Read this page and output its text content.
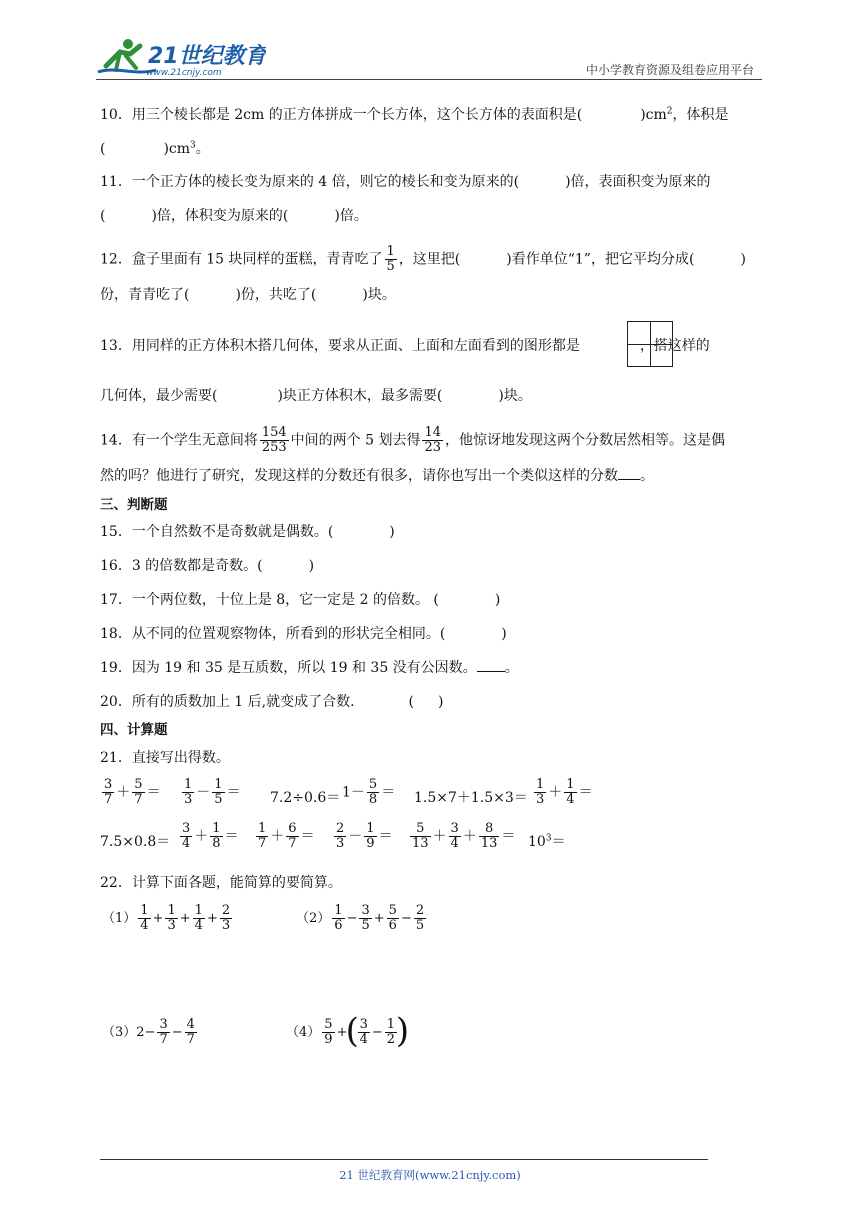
21世纪教育
www.21cnjy.com	中小学教育资源及组卷应用平台
10．用三个棱长都是 2cm 的正方体拼成一个长方体，这个长方体的表面积是(	)$cm^2$，体积是
(	)$cm^3$。
11．一个正方体的棱长变为原来的 4 倍，则它的棱长和变为原来的(	)倍，表面积变为原来的
(	)倍，体积变为原来的(	)倍。
12．盒子里面有 15 块同样的蛋糕，青青吃了 $\frac{1}{5}$ ，这里把(	)看作单位“1”，把它平均分成(	)
份，青青吃了(	)份，共吃了(	)块。
13．用同样的正方体积木搭几何体，要求从正面、上面和左面看到的图形都是	，搭这样的
几何体，最少需要(	)块正方体积木，最多需要(	)块。
14．有一个学生无意间将 $\frac{154}{253}$ 中间的两个 5 划去得 $\frac{14}{23}$ ，他惊讶地发现这两个分数居然相等。这是偶
然的吗？他进行了研究，发现这样的分数还有很多，请你也写出一个类似这样的分数 。
三、判断题
15．一个自然数不是奇数就是偶数。(	)
16．3 的倍数都是奇数。(	)
17．一个两位数，十位上是 8，它一定是 2 的倍数。 (	)
18．从不同的位置观察物体，所看到的形状完全相同。(	)
19．因为 19 和 35 是互质数，所以 19 和 35 没有公因数。 。
20．所有的质数加上 1 后,就变成了合数.	( )
四、计算题
21．直接写出得数。
$\frac{3}{7} + \frac{5}{7} = \frac{1}{3} - \frac{1}{5} = 7.2\div 0.6= 1- \frac{5}{8} = 1.5\times 7+1.5\times 3= \frac{1}{3} + \frac{1}{4}$ ＝
$7.5\times 0.8= \frac{3}{4} + \frac{1}{8} = \frac{1}{7} + \frac{6}{7} = \frac{2}{3} - \frac{1}{9} = \frac{5}{13} + \frac{3}{4} + \frac{8}{13} = 10^3=$
22．计算下面各题，能简算的要简算。
$(1) \frac{1}{4} + \frac{1}{3} + \frac{1}{4} + \frac{2}{3}$	$(2) \frac{1}{6} - \frac{3}{5} + \frac{5}{6} - \frac{2}{5}$
$(3)2- \frac{3}{7} - \frac{4}{7}$	$(4) \frac{5}{9}$ +
( $\frac{3}{4} - \frac{1}{2}$
)
21 世纪教育网(www.21cnjy.com)
